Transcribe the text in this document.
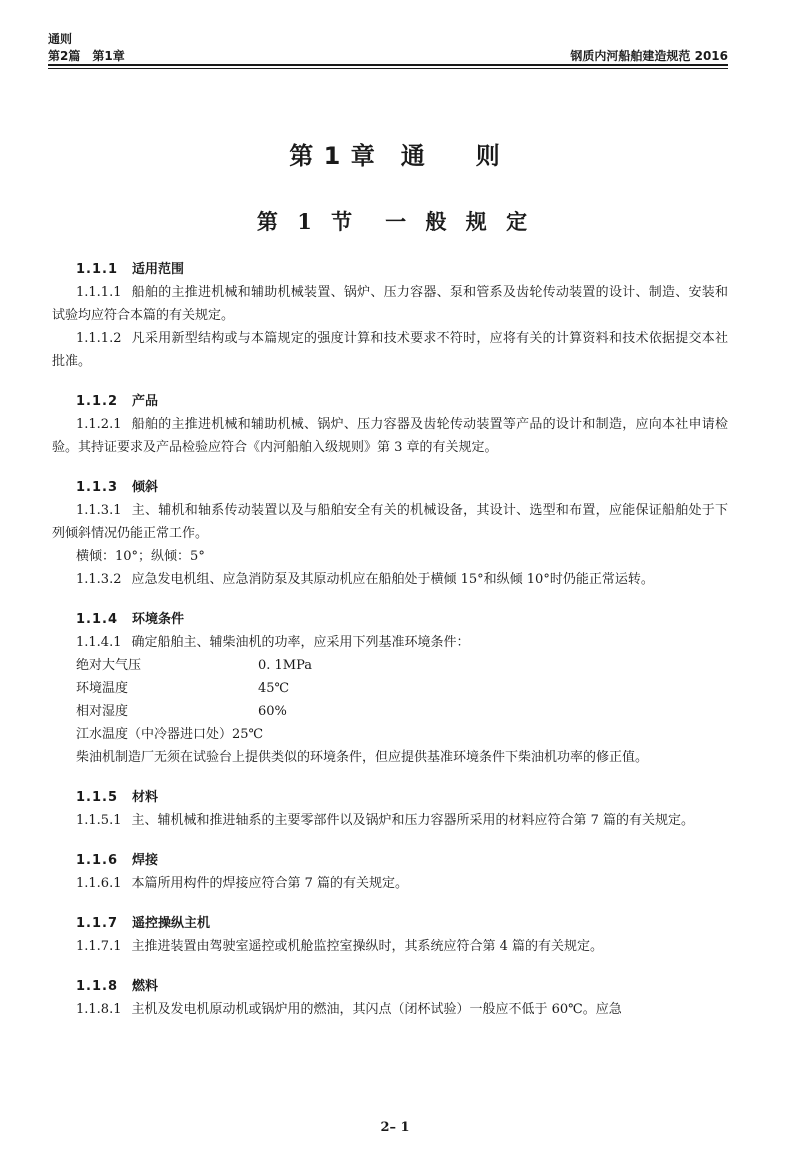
通则
第2篇　第1章	钢质内河船舶建造规范 2016
第 1 章　通　　则
第 1 节　一 般 规 定
1.1.1 适用范围
1.1.1.1 船舶的主推进机械和辅助机械装置、锅炉、压力容器、泵和管系及齿轮传动装置的设计、制造、安装和试验均应符合本篇的有关规定。
1.1.1.2 凡采用新型结构或与本篇规定的强度计算和技术要求不符时，应将有关的计算资料和技术依据提交本社批准。
1.1.2 产品
1.1.2.1 船舶的主推进机械和辅助机械、锅炉、压力容器及齿轮传动装置等产品的设计和制造，应向本社申请检验。其持证要求及产品检验应符合《内河船舶入级规则》第 3 章的有关规定。
1.1.3 倾斜
1.1.3.1 主、辅机和轴系传动装置以及与船舶安全有关的机械设备，其设计、选型和布置，应能保证船舶处于下列倾斜情况仍能正常工作。
横倾：10°；纵倾：5°
1.1.3.2 应急发电机组、应急消防泵及其原动机应在船舶处于横倾 15°和纵倾 10°时仍能正常运转。
1.1.4 环境条件
1.1.4.1 确定船舶主、辅柴油机的功率，应采用下列基准环境条件：
绝对大气压	0. 1MPa
环境温度	45℃
相对湿度	60%
江水温度（中冷器进口处） 25℃
柴油机制造厂无须在试验台上提供类似的环境条件，但应提供基准环境条件下柴油机功率的修正值。
1.1.5 材料
1.1.5.1 主、辅机械和推进轴系的主要零部件以及锅炉和压力容器所采用的材料应符合第 7 篇的有关规定。
1.1.6 焊接
1.1.6.1 本篇所用构件的焊接应符合第 7 篇的有关规定。
1.1.7 遥控操纵主机
1.1.7.1 主推进装置由驾驶室遥控或机舱监控室操纵时，其系统应符合第 4 篇的有关规定。
1.1.8 燃料
1.1.8.1 主机及发电机原动机或锅炉用的燃油，其闪点（闭杯试验）一般应不低于 60℃。应急
2– 1
